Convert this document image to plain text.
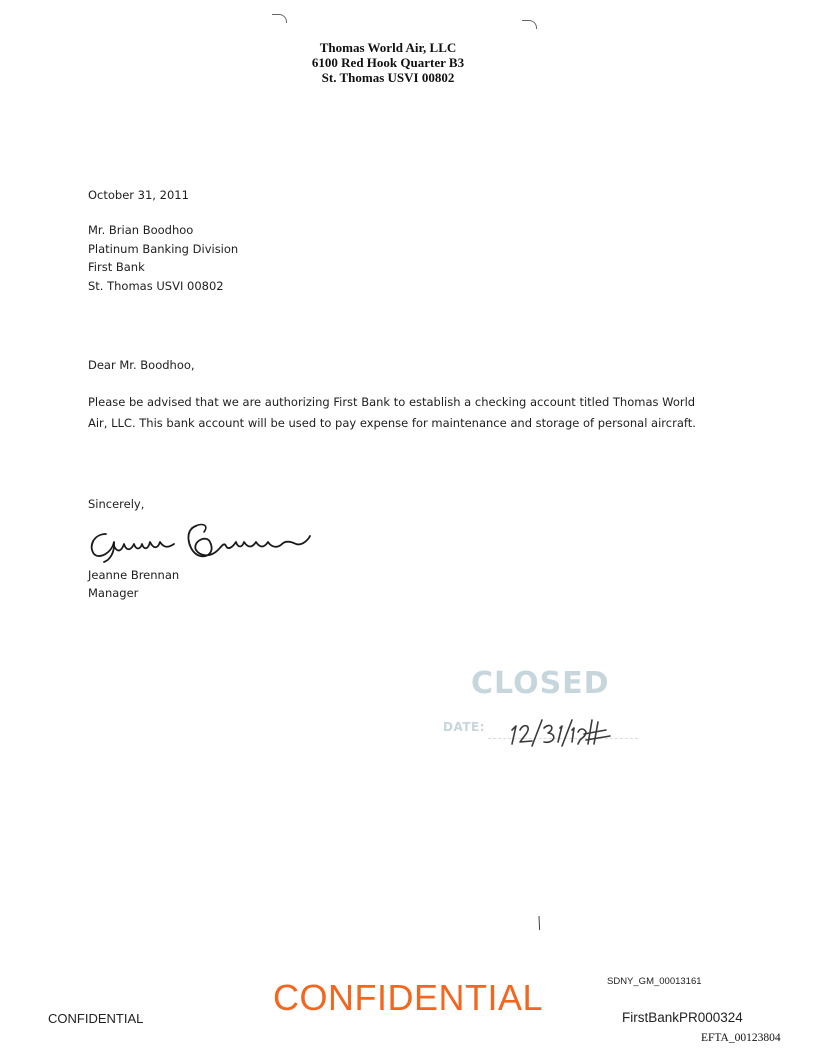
Thomas World Air, LLC
6100 Red Hook Quarter B3
St. Thomas USVI 00802
October 31, 2011
Mr. Brian Boodhoo
Platinum Banking Division
First Bank
St. Thomas USVI 00802
Dear Mr. Boodhoo,
Please be advised that we are authorizing First Bank to establish a checking account titled Thomas World Air, LLC. This bank account will be used to pay expense for maintenance and storage of personal aircraft.
Sincerely,
Jeanne Brennan
Manager
CLOSED
DATE:
SDNY_GM_00013161
CONFIDENTIAL
CONFIDENTIAL	FirstBankPR000324
EFTA_00123804
